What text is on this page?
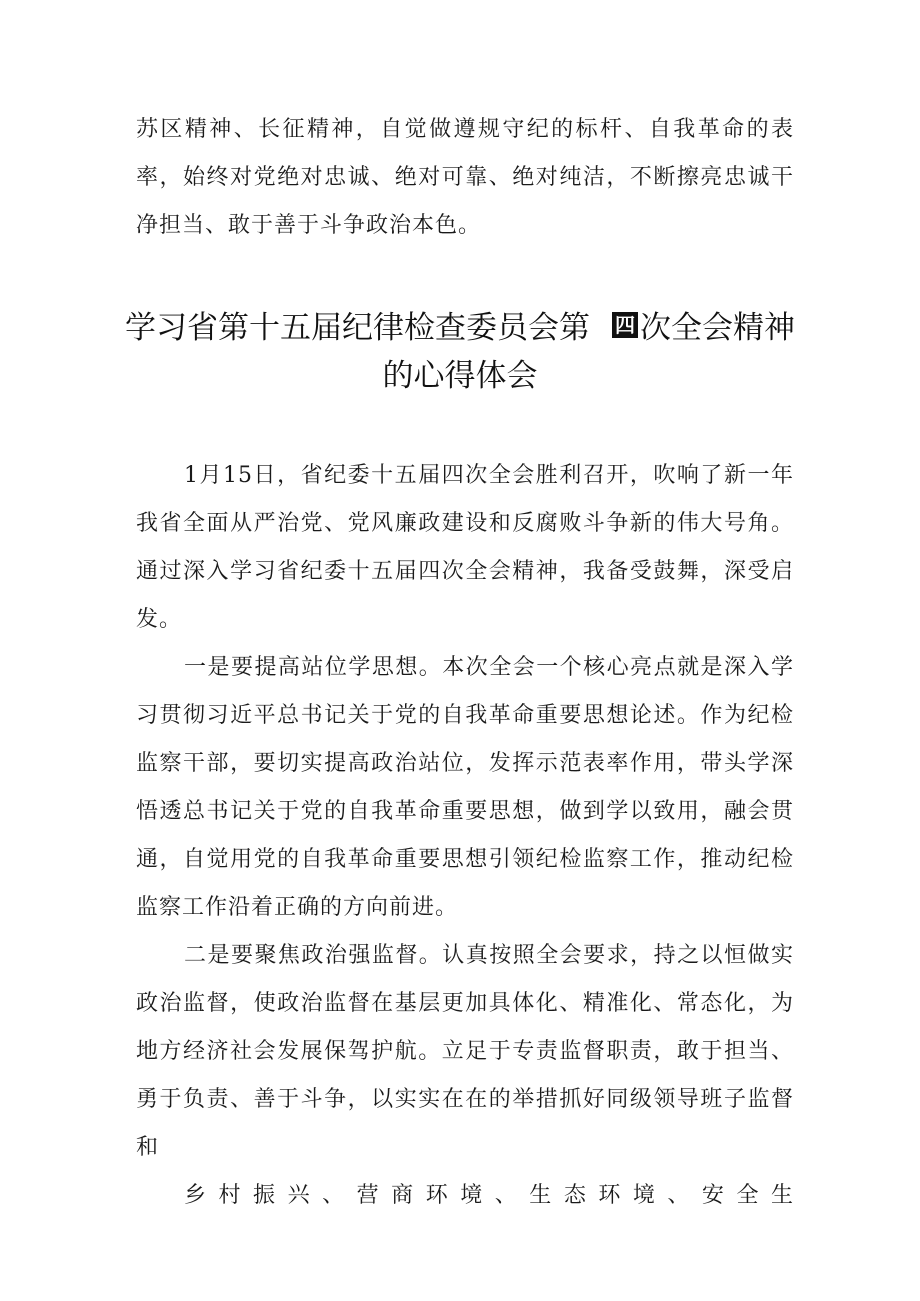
苏区精神、长征精神，自觉做遵规守纪的标杆、自我革命的表率，始终对党绝对忠诚、绝对可靠、绝对纯洁，不断擦亮忠诚干净担当、敢于善于斗争政治本色。

学习省第十五届纪律检查委员会第 四 次全会精神的心得体会

1月15日，省纪委十五届四次全会胜利召开，吹响了新一年我省全面从严治党、党风廉政建设和反腐败斗争新的伟大号角。通过深入学习省纪委十五届四次全会精神，我备受鼓舞，深受启发。

一是要提高站位学思想。本次全会一个核心亮点就是深入学习贯彻习近平总书记关于党的自我革命重要思想论述。作为纪检监察干部，要切实提高政治站位，发挥示范表率作用，带头学深悟透总书记关于党的自我革命重要思想，做到学以致用，融会贯通，自觉用党的自我革命重要思想引领纪检监察工作，推动纪检监察工作沿着正确的方向前进。

二是要聚焦政治强监督。认真按照全会要求，持之以恒做实政治监督，使政治监督在基层更加具体化、精准化、常态化，为地方经济社会发展保驾护航。立足于专责监督职责，敢于担当、勇于负责、善于斗争，以实实在在的举措抓好同级领导班子监督和
乡村振兴、营商环境、生态环境、安全生
